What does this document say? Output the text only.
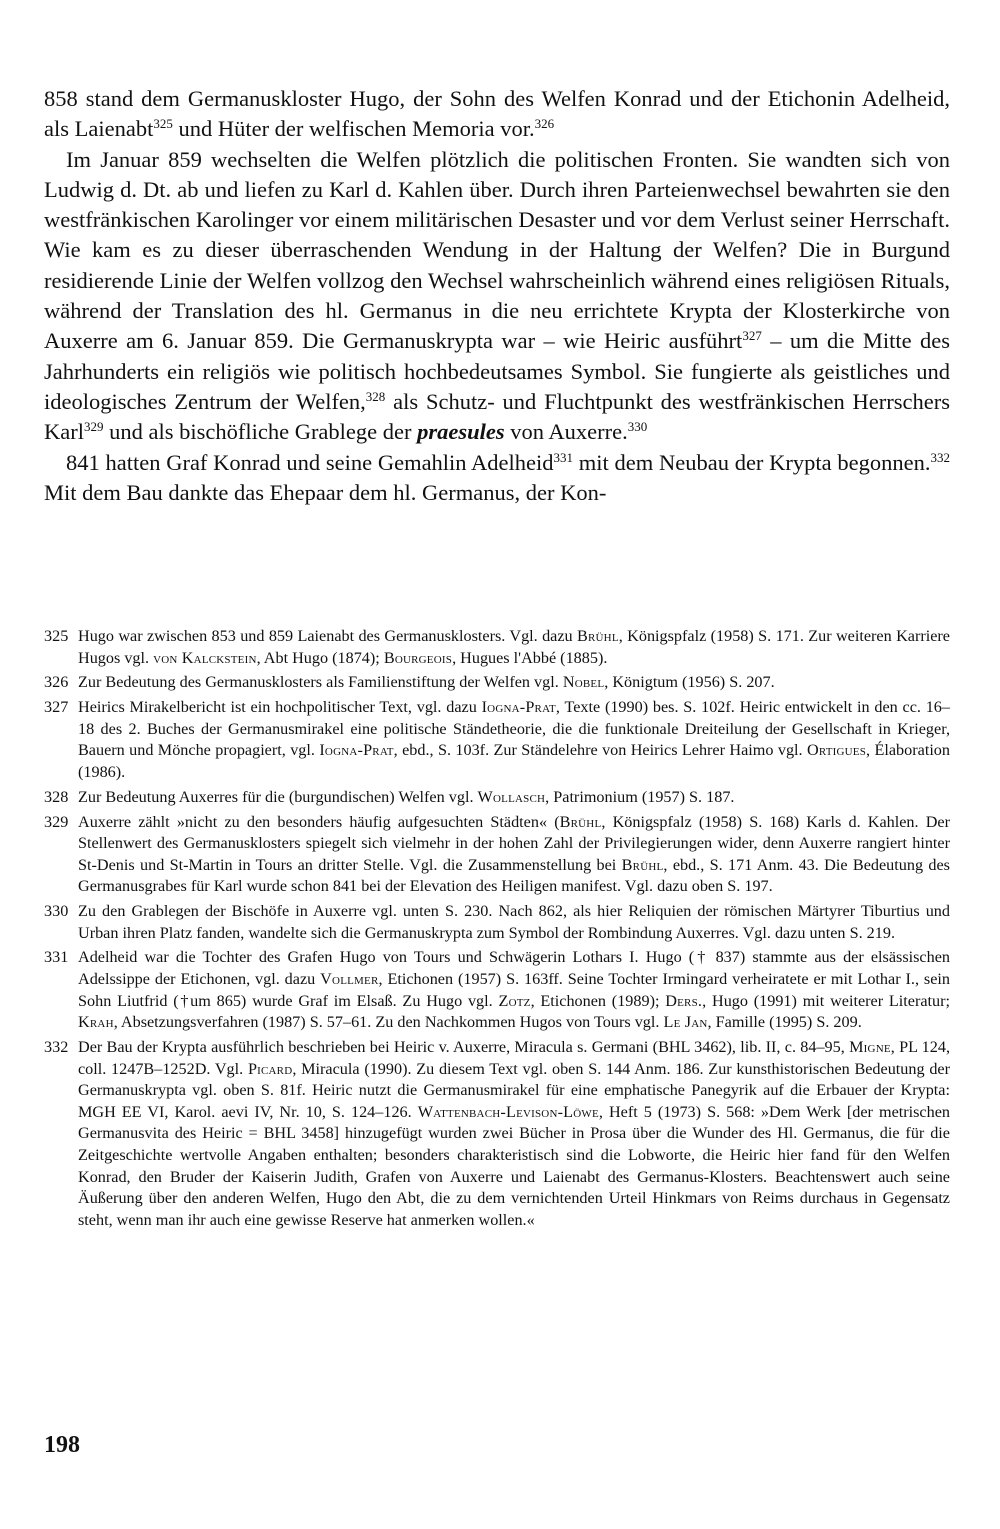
858 stand dem Germanuskloster Hugo, der Sohn des Welfen Konrad und der Etichonin Adelheid, als Laienabt$^{325}$ und Hüter der welfischen Memoria vor.$^{326}$

Im Januar 859 wechselten die Welfen plötzlich die politischen Fronten. Sie wandten sich von Ludwig d. Dt. ab und liefen zu Karl d. Kahlen über. Durch ihren Parteienwechsel bewahrten sie den westfränkischen Karolinger vor einem militärischen Desaster und vor dem Verlust seiner Herrschaft. Wie kam es zu dieser überraschenden Wendung in der Haltung der Welfen? Die in Burgund residierende Linie der Welfen vollzog den Wechsel wahrscheinlich während eines religiösen Rituals, während der Translation des hl. Germanus in die neu errichtete Krypta der Klosterkirche von Auxerre am 6. Januar 859. Die Germanuskrypta war – wie Heiric ausführt$^{327}$ – um die Mitte des Jahrhunderts ein religiös wie politisch hochbedeutsames Symbol. Sie fungierte als geistliches und ideologisches Zentrum der Welfen,$^{328}$ als Schutz- und Fluchtpunkt des westfränkischen Herrschers Karl$^{329}$ und als bischöfliche Grablege der praesules von Auxerre.$^{330}$

841 hatten Graf Konrad und seine Gemahlin Adelheid$^{331}$ mit dem Neubau der Krypta begonnen.$^{332}$ Mit dem Bau dankte das Ehepaar dem hl. Germanus, der Kon-

325 Hugo war zwischen 853 und 859 Laienabt des Germanusklosters. Vgl. dazu Brühl, Königspfalz (1958) S. 171. Zur weiteren Karriere Hugos vgl. von Kalckstein, Abt Hugo (1874); Bourgeois, Hugues l'Abbé (1885).
326 Zur Bedeutung des Germanusklosters als Familienstiftung der Welfen vgl. Nobel, Königtum (1956) S. 207.
327 Heirics Mirakelbericht ist ein hochpolitischer Text, vgl. dazu Iogna-Prat, Texte (1990) bes. S. 102f. Heiric entwickelt in den cc. 16–18 des 2. Buches der Germanusmirakel eine politische Ständetheorie, die die funktionale Dreiteilung der Gesellschaft in Krieger, Bauern und Mönche propagiert, vgl. Iogna-Prat, ebd., S. 103f. Zur Ständelehre von Heirics Lehrer Haimo vgl. Ortigues, Élaboration (1986).
328 Zur Bedeutung Auxerres für die (burgundischen) Welfen vgl. Wollasch, Patrimonium (1957) S. 187.
329 Auxerre zählt »nicht zu den besonders häufig aufgesuchten Städten« (Brühl, Königspfalz (1958) S. 168) Karls d. Kahlen. Der Stellenwert des Germanusklosters spiegelt sich vielmehr in der hohen Zahl der Privilegierungen wider, denn Auxerre rangiert hinter St-Denis und St-Martin in Tours an dritter Stelle. Vgl. die Zusammenstellung bei Brühl, ebd., S. 171 Anm. 43. Die Bedeutung des Germanusgrabes für Karl wurde schon 841 bei der Elevation des Heiligen manifest. Vgl. dazu oben S. 197.
330 Zu den Grablegen der Bischöfe in Auxerre vgl. unten S. 230. Nach 862, als hier Reliquien der römischen Märtyrer Tiburtius und Urban ihren Platz fanden, wandelte sich die Germanuskrypta zum Symbol der Rombindung Auxerres. Vgl. dazu unten S. 219.
331 Adelheid war die Tochter des Grafen Hugo von Tours und Schwägerin Lothars I. Hugo († 837) stammte aus der elsässischen Adelssippe der Etichonen, vgl. dazu Vollmer, Etichonen (1957) S. 163ff. Seine Tochter Irmingard verheiratete er mit Lothar I., sein Sohn Liutfrid (†um 865) wurde Graf im Elsaß. Zu Hugo vgl. Zotz, Etichonen (1989); Ders., Hugo (1991) mit weiterer Literatur; Krah, Absetzungsverfahren (1987) S. 57–61. Zu den Nachkommen Hugos von Tours vgl. Le Jan, Famille (1995) S. 209.
332 Der Bau der Krypta ausführlich beschrieben bei Heiric v. Auxerre, Miracula s. Germani (BHL 3462), lib. II, c. 84–95, Migne, PL 124, coll. 1247B–1252D. Vgl. Picard, Miracula (1990). Zu diesem Text vgl. oben S. 144 Anm. 186. Zur kunsthistorischen Bedeutung der Germanuskrypta vgl. oben S. 81f. Heiric nutzt die Germanusmirakel für eine emphatische Panegyrik auf die Erbauer der Krypta: MGH EE VI, Karol. aevi IV, Nr. 10, S. 124–126. Wattenbach-Levison-Löwe, Heft 5 (1973) S. 568: »Dem Werk [der metrischen Germanusvita des Heiric = BHL 3458] hinzugefügt wurden zwei Bücher in Prosa über die Wunder des Hl. Germanus, die für die Zeitgeschichte wertvolle Angaben enthalten; besonders charakteristisch sind die Lobworte, die Heiric hier fand für den Welfen Konrad, den Bruder der Kaiserin Judith, Grafen von Auxerre und Laienabt des Germanus-Klosters. Beachtenswert auch seine Äußerung über den anderen Welfen, Hugo den Abt, die zu dem vernichtenden Urteil Hinkmars von Reims durchaus in Gegensatz steht, wenn man ihr auch eine gewisse Reserve hat anmerken wollen.«
198
